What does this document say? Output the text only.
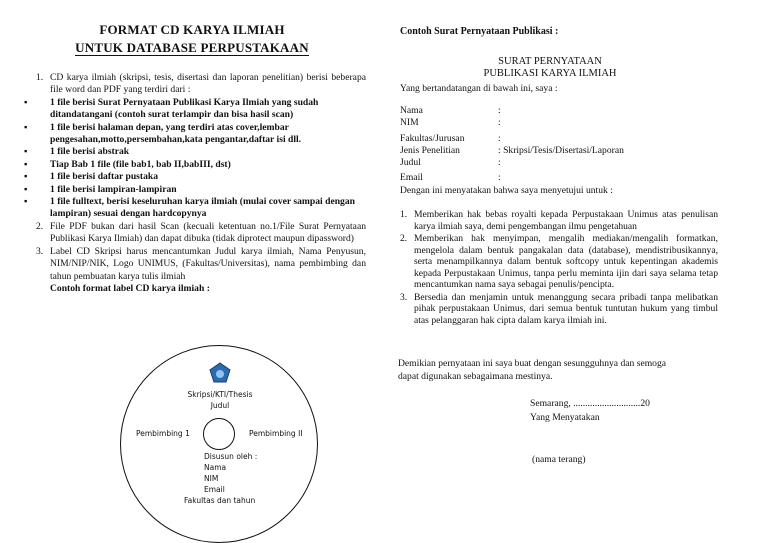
FORMAT CD KARYA ILMIAH
UNTUK DATABASE PERPUSTAKAAN
1. CD karya ilmiah (skripsi, tesis, disertasi dan laporan penelitian) berisi beberapa file word dan PDF yang terdiri dari :
▪ 1 file berisi Surat Pernyataan Publikasi Karya Ilmiah yang sudah ditandatangani (contoh surat terlampir dan bisa hasil scan)
▪ 1 file berisi halaman depan, yang terdiri atas cover,lembar pengesahan,motto,persembahan,kata pengantar,daftar isi dll.
▪ 1 file berisi abstrak
▪ Tiap Bab 1 file (file bab1, bab II,babIII, dst)
▪ 1 file berisi daftar pustaka
▪ 1 file berisi lampiran-lampiran
▪ 1 file fulltext, berisi keseluruhan karya ilmiah (mulai cover sampai dengan lampiran) sesuai dengan hardcopynya
2. File PDF bukan dari hasil Scan (kecuali ketentuan no.1/File Surat Pernyataan Publikasi Karya Ilmiah) dan dapat dibuka (tidak diprotect maupun dipassword)
3. Label CD Skripsi harus mencantumkan Judul karya ilmiah, Nama Penyusun, NIM/NIP/NIK, Logo UNIMUS, (Fakultas/Universitas), nama pembimbing dan tahun pembuatan karya tulis ilmiah
Contoh format label CD karya ilmiah :
Skripsi/KTI/Thesis
Judul
Pembimbing 1	Pembimbing II
Disusun oleh :
Nama
NIM
Email
Fakultas dan tahun
Contoh Surat Pernyataan Publikasi :
SURAT PERNYATAAN
PUBLIKASI KARYA ILMIAH
Yang bertandatangan di bawah ini, saya :
Nama	:
NIM	:
Fakultas/Jurusan	:
Jenis Penelitian	: Skripsi/Tesis/Disertasi/Laporan
Judul	:
Email	:
Dengan ini menyatakan bahwa saya menyetujui untuk :
1. Memberikan hak bebas royalti kepada Perpustakaan Unimus atas penulisan karya ilmiah saya, demi pengembangan ilmu pengetahuan
2. Memberikan hak menyimpan, mengalih mediakan/mengalih formatkan, mengelola dalam bentuk pangakalan data (database), mendistribusikannya, serta menampilkannya dalam bentuk softcopy untuk kepentingan akademis kepada Perpustakaan Unimus, tanpa perlu meminta ijin dari saya selama tetap mencantumkan nama saya sebagai penulis/pencipta.
3. Bersedia dan menjamin untuk menanggung secara pribadi tanpa melibatkan pihak perpustakaan Unimus, dari semua bentuk tuntutan hukum yang timbul atas pelanggaran hak cipta dalam karya ilmiah ini.
Demikian pernyataan ini saya buat dengan sesungguhnya dan semoga
dapat digunakan sebagaimana mestinya.
Semarang, ............................20
Yang Menyatakan
(nama terang)
